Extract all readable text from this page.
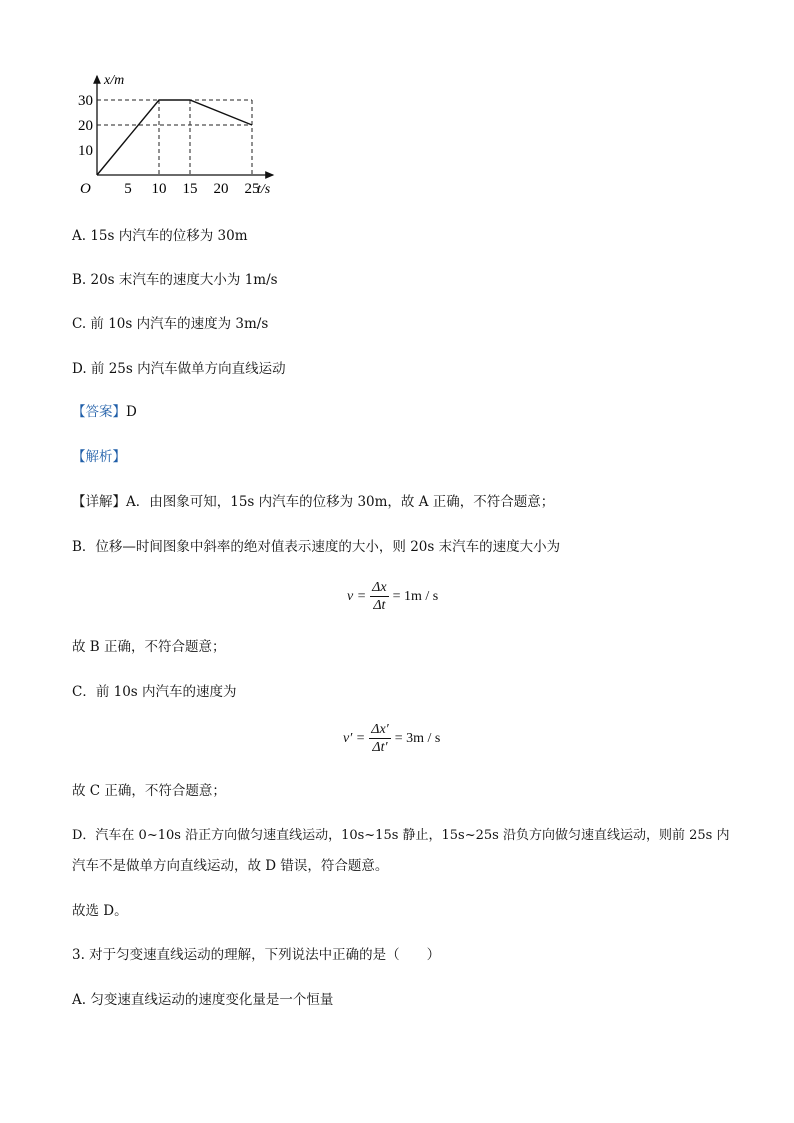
x/m
t/s
O
30
20
10
5 10 15 20 25
A. 15s 内汽车的位移为 30m
B. 20s 末汽车的速度大小为 1m/s
C. 前 10s 内汽车的速度为 3m/s
D. 前 25s 内汽车做单方向直线运动
【答案】D
【解析】
【详解】A．由图象可知，15s 内汽车的位移为 30m，故 A 正确，不符合题意；
B．位移—时间图象中斜率的绝对值表示速度的大小，则 20s 末汽车的速度大小为
$v = \frac{\Delta x}{\Delta t} = 1m / s$
故 B 正确，不符合题意；
C．前 10s 内汽车的速度为
$v' = \frac{\Delta x'}{\Delta t'} = 3m / s$
故 C 正确，不符合题意；
D．汽车在 0~10s 沿正方向做匀速直线运动，10s~15s 静止，15s~25s 沿负方向做匀速直线运动，则前 25s 内
汽车不是做单方向直线运动，故 D 错误，符合题意。
故选 D。
3. 对于匀变速直线运动的理解，下列说法中正确的是（　　）
A. 匀变速直线运动的速度变化量是一个恒量
